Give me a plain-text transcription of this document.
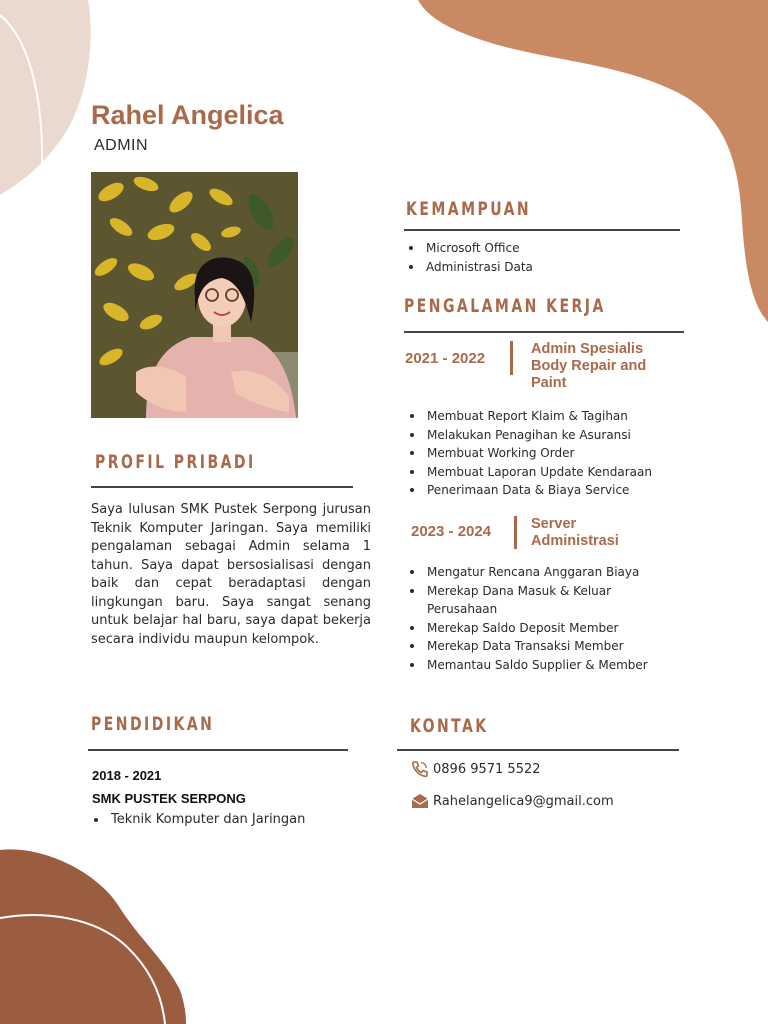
Rahel Angelica
ADMIN
PROFIL PRIBADI

Saya lulusan SMK Pustek Serpong jurusan Teknik Komputer Jaringan. Saya memiliki pengalaman sebagai Admin selama 1 tahun. Saya dapat bersosialisasi dengan baik dan cepat beradaptasi dengan lingkungan baru. Saya sangat senang untuk belajar hal baru, saya dapat bekerja secara individu maupun kelompok.

KEMAMPUAN
Microsoft Office
Administrasi Data
PENGALAMAN KERJA
2021 - 2022
Admin Spesialis
Body Repair and
Paint
Membuat Report Klaim & Tagihan
Melakukan Penagihan ke Asuransi
Membuat Working Order
Membuat Laporan Update Kendaraan
Penerimaan Data & Biaya Service
2023 - 2024	Server
Administrasi
Mengatur Rencana Anggaran Biaya
Merekap Dana Masuk & Keluar Perusahaan
Merekap Saldo Deposit Member
Merekap Data Transaksi Member
Memantau Saldo Supplier & Member
PENDIDIKAN
2018 - 2021
SMK PUSTEK SERPONG
Teknik Komputer dan Jaringan
KONTAK
0896 9571 5522
Rahelangelica9@gmail.com
